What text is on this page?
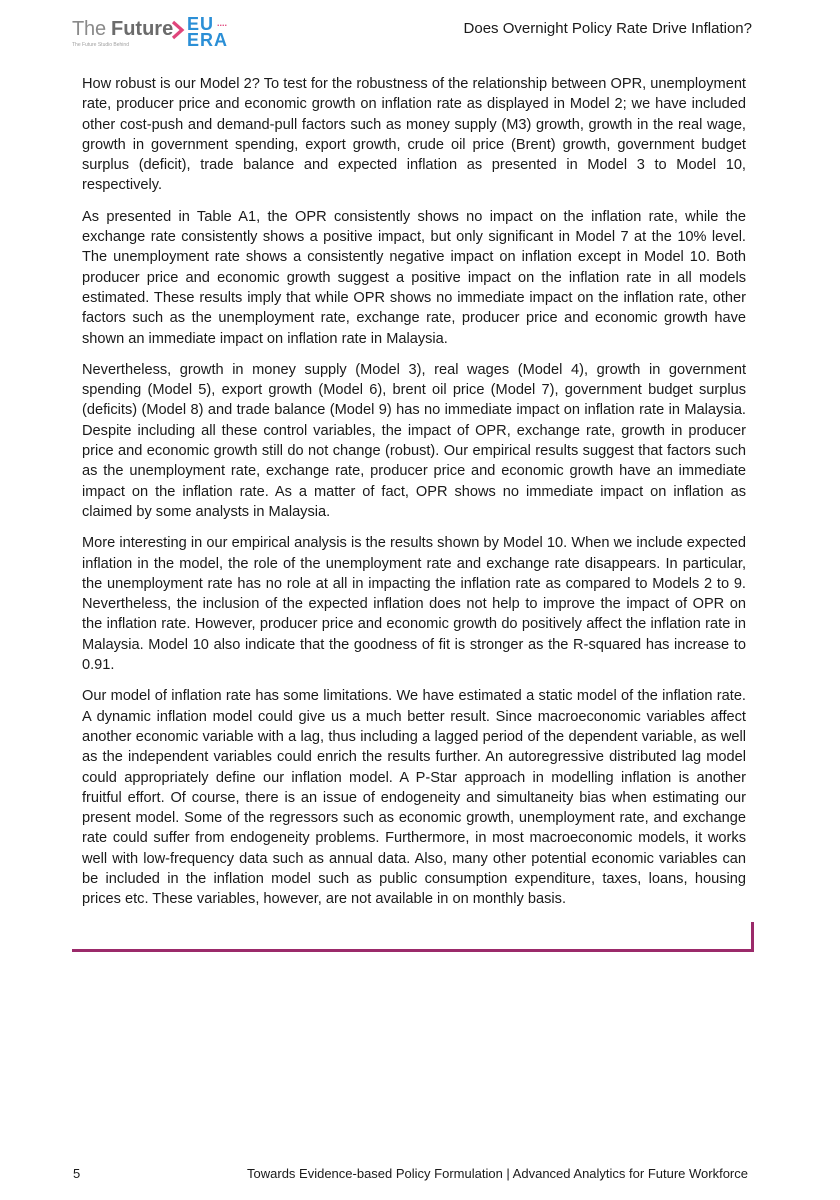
The Future
The Future Studio Behind
EU
ERA
....	Does Overnight Policy Rate Drive Inflation?

How robust is our Model 2? To test for the robustness of the relationship between OPR, unemployment rate, producer price and economic growth on inflation rate as displayed in Model 2; we have included other cost-push and demand-pull factors such as money supply (M3) growth, growth in the real wage, growth in government spending, export growth, crude oil price (Brent) growth, government budget surplus (deficit), trade balance and expected inflation as presented in Model 3 to Model 10, respectively.

As presented in Table A1, the OPR consistently shows no impact on the inflation rate, while the exchange rate consistently shows a positive impact, but only significant in Model 7 at the 10% level. The unemployment rate shows a consistently negative impact on inflation except in Model 10. Both producer price and economic growth suggest a positive impact on the inflation rate in all models estimated. These results imply that while OPR shows no immediate impact on the inflation rate, other factors such as the unemployment rate, exchange rate, producer price and economic growth have shown an immediate impact on inflation rate in Malaysia.

Nevertheless, growth in money supply (Model 3), real wages (Model 4), growth in government spending (Model 5), export growth (Model 6), brent oil price (Model 7), government budget surplus (deficits) (Model 8) and trade balance (Model 9) has no immediate impact on inflation rate in Malaysia. Despite including all these control variables, the impact of OPR, exchange rate, growth in producer price and economic growth still do not change (robust). Our empirical results suggest that factors such as the unemployment rate, exchange rate, producer price and economic growth have an immediate impact on the inflation rate. As a matter of fact, OPR shows no immediate impact on inflation as claimed by some analysts in Malaysia.

More interesting in our empirical analysis is the results shown by Model 10. When we include expected inflation in the model, the role of the unemployment rate and exchange rate disappears. In particular, the unemployment rate has no role at all in impacting the inflation rate as compared to Models 2 to 9. Nevertheless, the inclusion of the expected inflation does not help to improve the impact of OPR on the inflation rate. However, producer price and economic growth do positively affect the inflation rate in Malaysia. Model 10 also indicate that the goodness of fit is stronger as the R-squared has increase to 0.91.

Our model of inflation rate has some limitations. We have estimated a static model of the inflation rate. A dynamic inflation model could give us a much better result. Since macroeconomic variables affect another economic variable with a lag, thus including a lagged period of the dependent variable, as well as the independent variables could enrich the results further. An autoregressive distributed lag model could appropriately define our inflation model. A P-Star approach in modelling inflation is another fruitful effort. Of course, there is an issue of endogeneity and simultaneity bias when estimating our present model. Some of the regressors such as economic growth, unemployment rate, and exchange rate could suffer from endogeneity problems. Furthermore, in most macroeconomic models, it works well with low-frequency data such as annual data. Also, many other potential economic variables can be included in the inflation model such as public consumption expenditure, taxes, loans, housing prices etc. These variables, however, are not available in on monthly basis.

5	Towards Evidence-based Policy Formulation | Advanced Analytics for Future Workforce
